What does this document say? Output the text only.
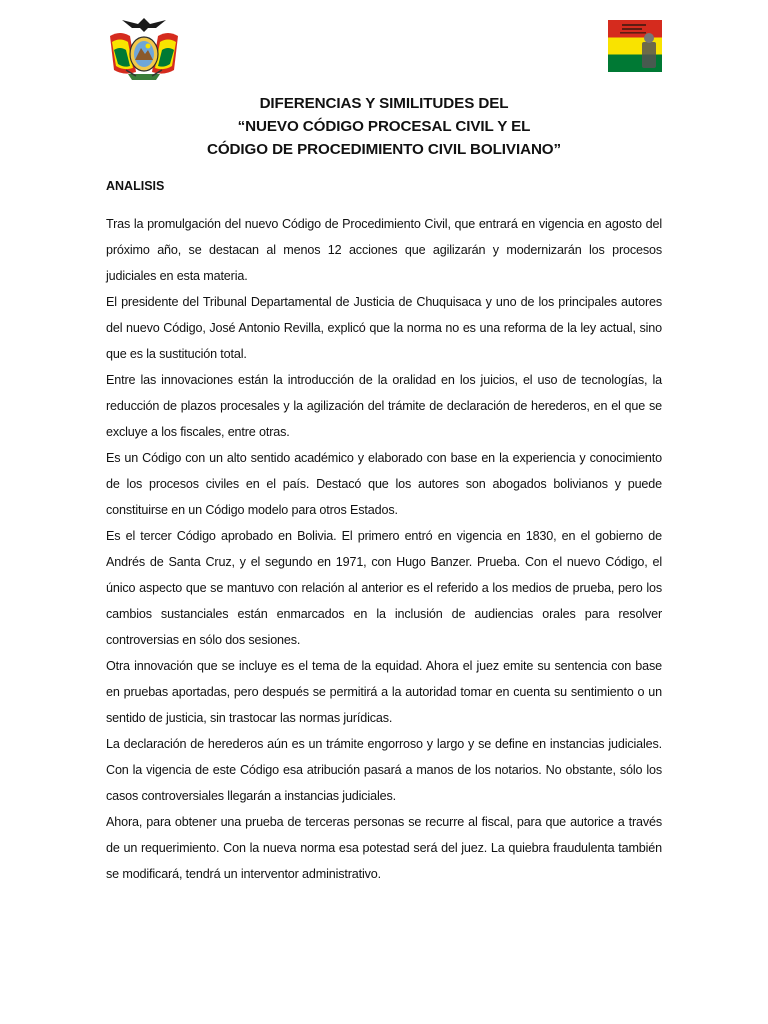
DIFERENCIAS Y SIMILITUDES DEL
“NUEVO CÓDIGO PROCESAL CIVIL Y EL
CÓDIGO DE PROCEDIMIENTO CIVIL BOLIVIANO”
ANALISIS

Tras la promulgación del nuevo Código de Procedimiento Civil, que entrará en vigencia en agosto del próximo año, se destacan al menos 12 acciones que agilizarán y modernizarán los procesos judiciales en esta materia.

El presidente del Tribunal Departamental de Justicia de Chuquisaca y uno de los principales autores del nuevo Código, José Antonio Revilla, explicó que la norma no es una reforma de la ley actual, sino que es la sustitución total.

Entre las innovaciones están la introducción de la oralidad en los juicios, el uso de tecnologías, la reducción de plazos procesales y la agilización del trámite de declaración de herederos, en el que se excluye a los fiscales, entre otras.

Es un Código con un alto sentido académico y elaborado con base en la experiencia y conocimiento de los procesos civiles en el país. Destacó que los autores son abogados bolivianos y puede constituirse en un Código modelo para otros Estados.

Es el tercer Código aprobado en Bolivia. El primero entró en vigencia en 1830, en el gobierno de Andrés de Santa Cruz, y el segundo en 1971, con Hugo Banzer. Prueba. Con el nuevo Código, el único aspecto que se mantuvo con relación al anterior es el referido a los medios de prueba, pero los cambios sustanciales están enmarcados en la inclusión de audiencias orales para resolver controversias en sólo dos sesiones.

Otra innovación que se incluye es el tema de la equidad. Ahora el juez emite su sentencia con base en pruebas aportadas, pero después se permitirá a la autoridad tomar en cuenta su sentimiento o un sentido de justicia, sin trastocar las normas jurídicas.

La declaración de herederos aún es un trámite engorroso y largo y se define en instancias judiciales. Con la vigencia de este Código esa atribución pasará a manos de los notarios. No obstante, sólo los casos controversiales llegarán a instancias judiciales.

Ahora, para obtener una prueba de terceras personas se recurre al fiscal, para que autorice a través de un requerimiento. Con la nueva norma esa potestad será del juez. La quiebra fraudulenta también se modificará, tendrá un interventor administrativo.
